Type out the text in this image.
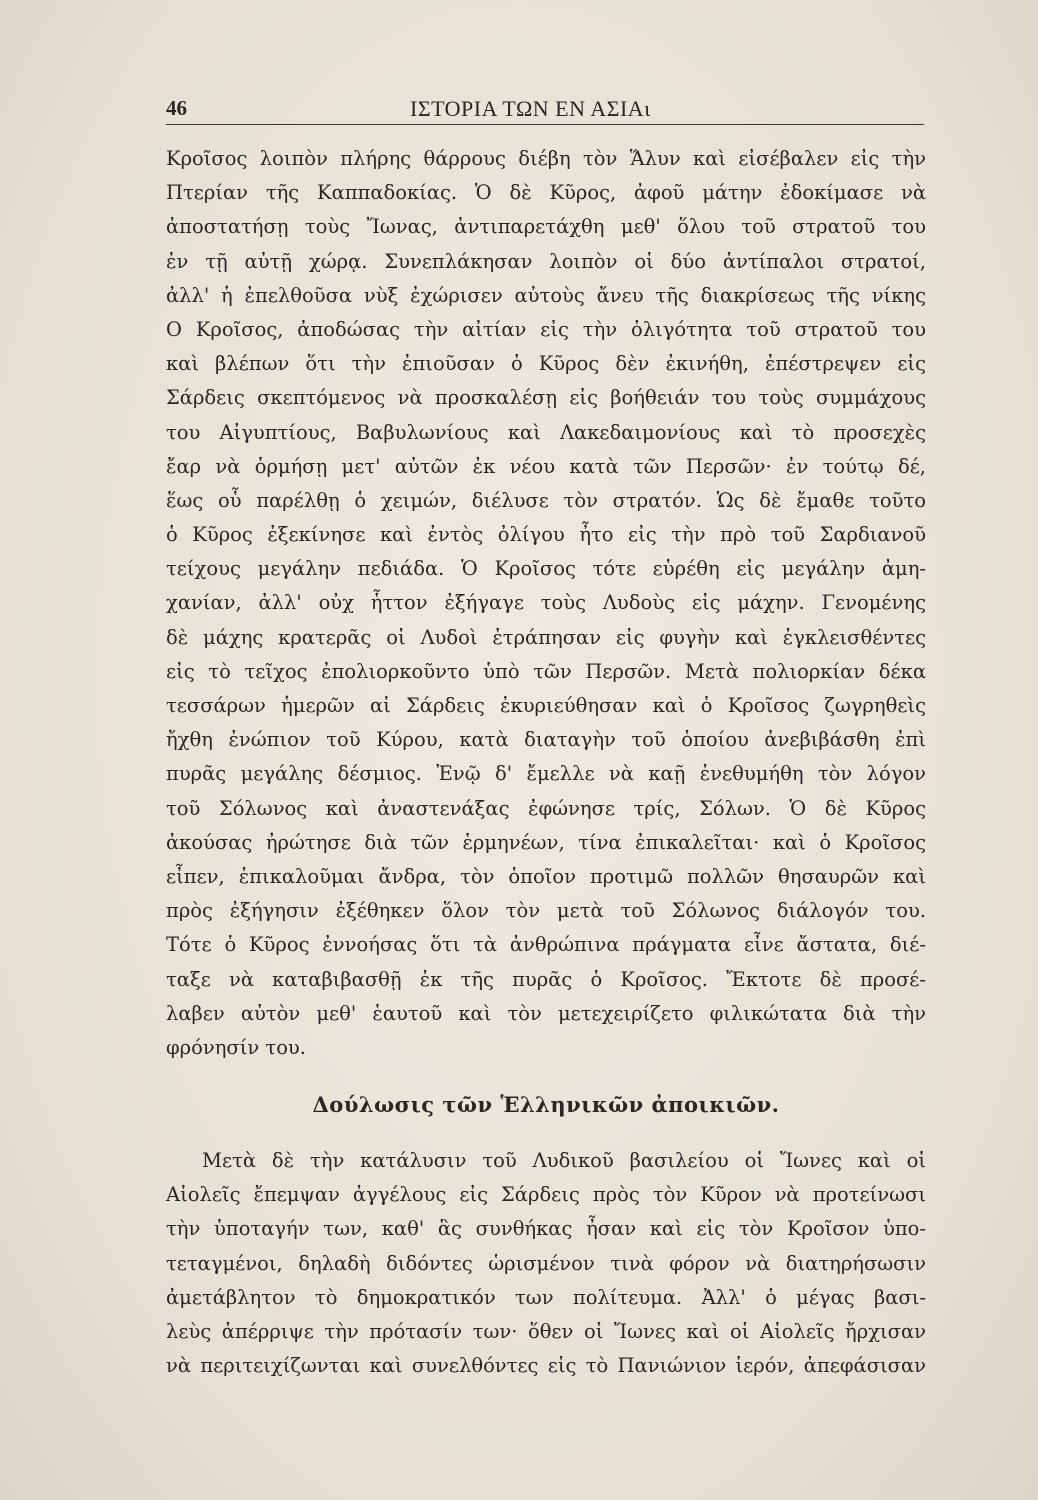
46	ΙΣΤΟΡΙΑ ΤΩΝ ΕΝ ΑΣΙΑι
Κροῖσος λοιπὸν πλήρης θάρρους διέβη τὸν Ἅλυν καὶ εἰσέβαλεν εἰς τὴν
Πτερίαν τῆς Καππαδοκίας. Ὁ δὲ Κῦρος, ἀφοῦ μάτην ἐδοκίμασε νὰ
ἀποστατήσῃ τοὺς Ἴωνας, ἀντιπαρετάχθη μεθ' ὅλου τοῦ στρατοῦ του
ἐν τῇ αὐτῇ χώρᾳ. Συνεπλάκησαν λοιπὸν οἱ δύο ἀντίπαλοι στρατοί,
ἀλλ' ἡ ἐπελθοῦσα νὺξ ἐχώρισεν αὐτοὺς ἄνευ τῆς διακρίσεως τῆς νίκης
Ο Κροῖσος, ἀποδώσας τὴν αἰτίαν εἰς τὴν ὀλιγότητα τοῦ στρατοῦ του
καὶ βλέπων ὅτι τὴν ἐπιοῦσαν ὁ Κῦρος δὲν ἐκινήθη, ἐπέστρεψεν εἰς
Σάρδεις σκεπτόμενος νὰ προσκαλέσῃ εἰς βοήθειάν του τοὺς συμμάχους
του Αἰγυπτίους, Βαβυλωνίους καὶ Λακεδαιμονίους καὶ τὸ προσεχὲς
ἔαρ νὰ ὁρμήσῃ μετ' αὐτῶν ἐκ νέου κατὰ τῶν Περσῶν· ἐν τούτῳ δέ,
ἕως οὗ παρέλθῃ ὁ χειμών, διέλυσε τὸν στρατόν. Ὡς δὲ ἔμαθε τοῦτο
ὁ Κῦρος ἐξεκίνησε καὶ ἐντὸς ὀλίγου ἦτο εἰς τὴν πρὸ τοῦ Σαρδιανοῦ
τείχους μεγάλην πεδιάδα. Ὁ Κροῖσος τότε εὑρέθη εἰς μεγάλην ἀμη-
χανίαν, ἀλλ' οὐχ ἧττον ἐξήγαγε τοὺς Λυδοὺς εἰς μάχην. Γενομένης
δὲ μάχης κρατερᾶς οἱ Λυδοὶ ἐτράπησαν εἰς φυγὴν καὶ ἐγκλεισθέντες
εἰς τὸ τεῖχος ἐπολιορκοῦντο ὑπὸ τῶν Περσῶν. Μετὰ πολιορκίαν δέκα
τεσσάρων ἡμερῶν αἱ Σάρδεις ἐκυριεύθησαν καὶ ὁ Κροῖσος ζωγρηθεὶς
ἤχθη ἐνώπιον τοῦ Κύρου, κατὰ διαταγὴν τοῦ ὁποίου ἀνεβιβάσθη ἐπὶ
πυρᾶς μεγάλης δέσμιος. Ἐνῷ δ' ἔμελλε νὰ καῇ ἐνεθυμήθη τὸν λόγον
τοῦ Σόλωνος καὶ ἀναστενάξας ἐφώνησε τρίς, Σόλων. Ὁ δὲ Κῦρος
ἀκούσας ἠρώτησε διὰ τῶν ἑρμηνέων, τίνα ἐπικαλεῖται· καὶ ὁ Κροῖσος
εἶπεν, ἐπικαλοῦμαι ἄνδρα, τὸν ὁποῖον προτιμῶ πολλῶν θησαυρῶν καὶ
πρὸς ἐξήγησιν ἐξέθηκεν ὅλον τὸν μετὰ τοῦ Σόλωνος διάλογόν του.
Τότε ὁ Κῦρος ἐννοήσας ὅτι τὰ ἀνθρώπινα πράγματα εἶνε ἄστατα, διέ-
ταξε νὰ καταβιβασθῇ ἐκ τῆς πυρᾶς ὁ Κροῖσος. Ἔκτοτε δὲ προσέ-
λαβεν αὐτὸν μεθ' ἑαυτοῦ καὶ τὸν μετεχειρίζετο φιλικώτατα διὰ τὴν
φρόνησίν του.
Δούλωσις τῶν Ἑλληνικῶν ἀποικιῶν.
Μετὰ δὲ τὴν κατάλυσιν τοῦ Λυδικοῦ βασιλείου οἱ Ἴωνες καὶ οἱ
Αἰολεῖς ἔπεμψαν ἀγγέλους εἰς Σάρδεις πρὸς τὸν Κῦρον νὰ προτείνωσι
τὴν ὑποταγήν των, καθ' ἃς συνθήκας ἦσαν καὶ εἰς τὸν Κροῖσον ὑπο-
τεταγμένοι, δηλαδὴ διδόντες ὡρισμένον τινὰ φόρον νὰ διατηρήσωσιν
ἀμετάβλητον τὸ δημοκρατικόν των πολίτευμα. Ἀλλ' ὁ μέγας βασι-
λεὺς ἀπέρριψε τὴν πρότασίν των· ὅθεν οἱ Ἴωνες καὶ οἱ Αἰολεῖς ἤρχισαν
νὰ περιτειχίζωνται καὶ συνελθόντες εἰς τὸ Πανιώνιον ἱερόν, ἀπεφάσισαν
